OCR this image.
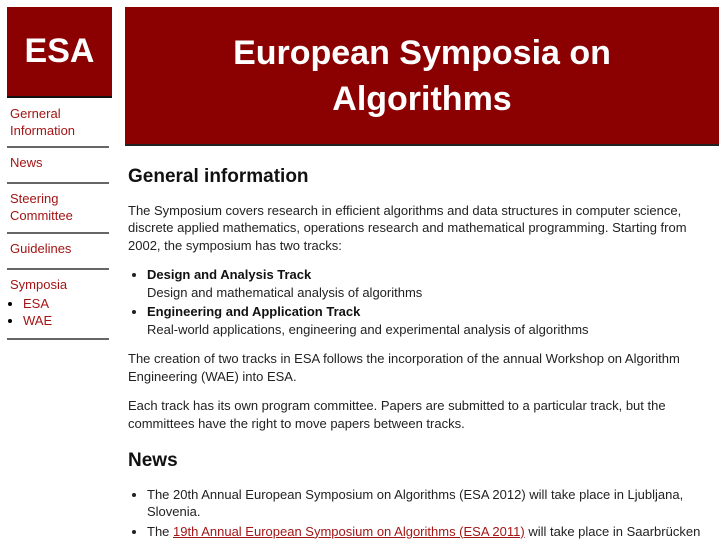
ESA	European Symposia on Algorithms
Gerneral Information
News
Steering Committee
Guidelines
Symposia
• ESA
• WAE
General information

The Symposium covers research in efficient algorithms and data structures in computer science, discrete applied mathematics, operations research and mathematical programming. Starting from 2002, the symposium has two tracks:

• Design and Analysis Track
Design and mathematical analysis of algorithms
• Engineering and Application Track
Real-world applications, engineering and experimental analysis of algorithms

The creation of two tracks in ESA follows the incorporation of the annual Workshop on Algorithm Engineering (WAE) into ESA.

Each track has its own program committee. Papers are submitted to a particular track, but the committees have the right to move papers between tracks.

News
• The 20th Annual European Symposium on Algorithms (ESA 2012) will take place in Ljubljana, Slovenia.
• The 19th Annual European Symposium on Algorithms (ESA 2011) will take place in Saarbrücken
